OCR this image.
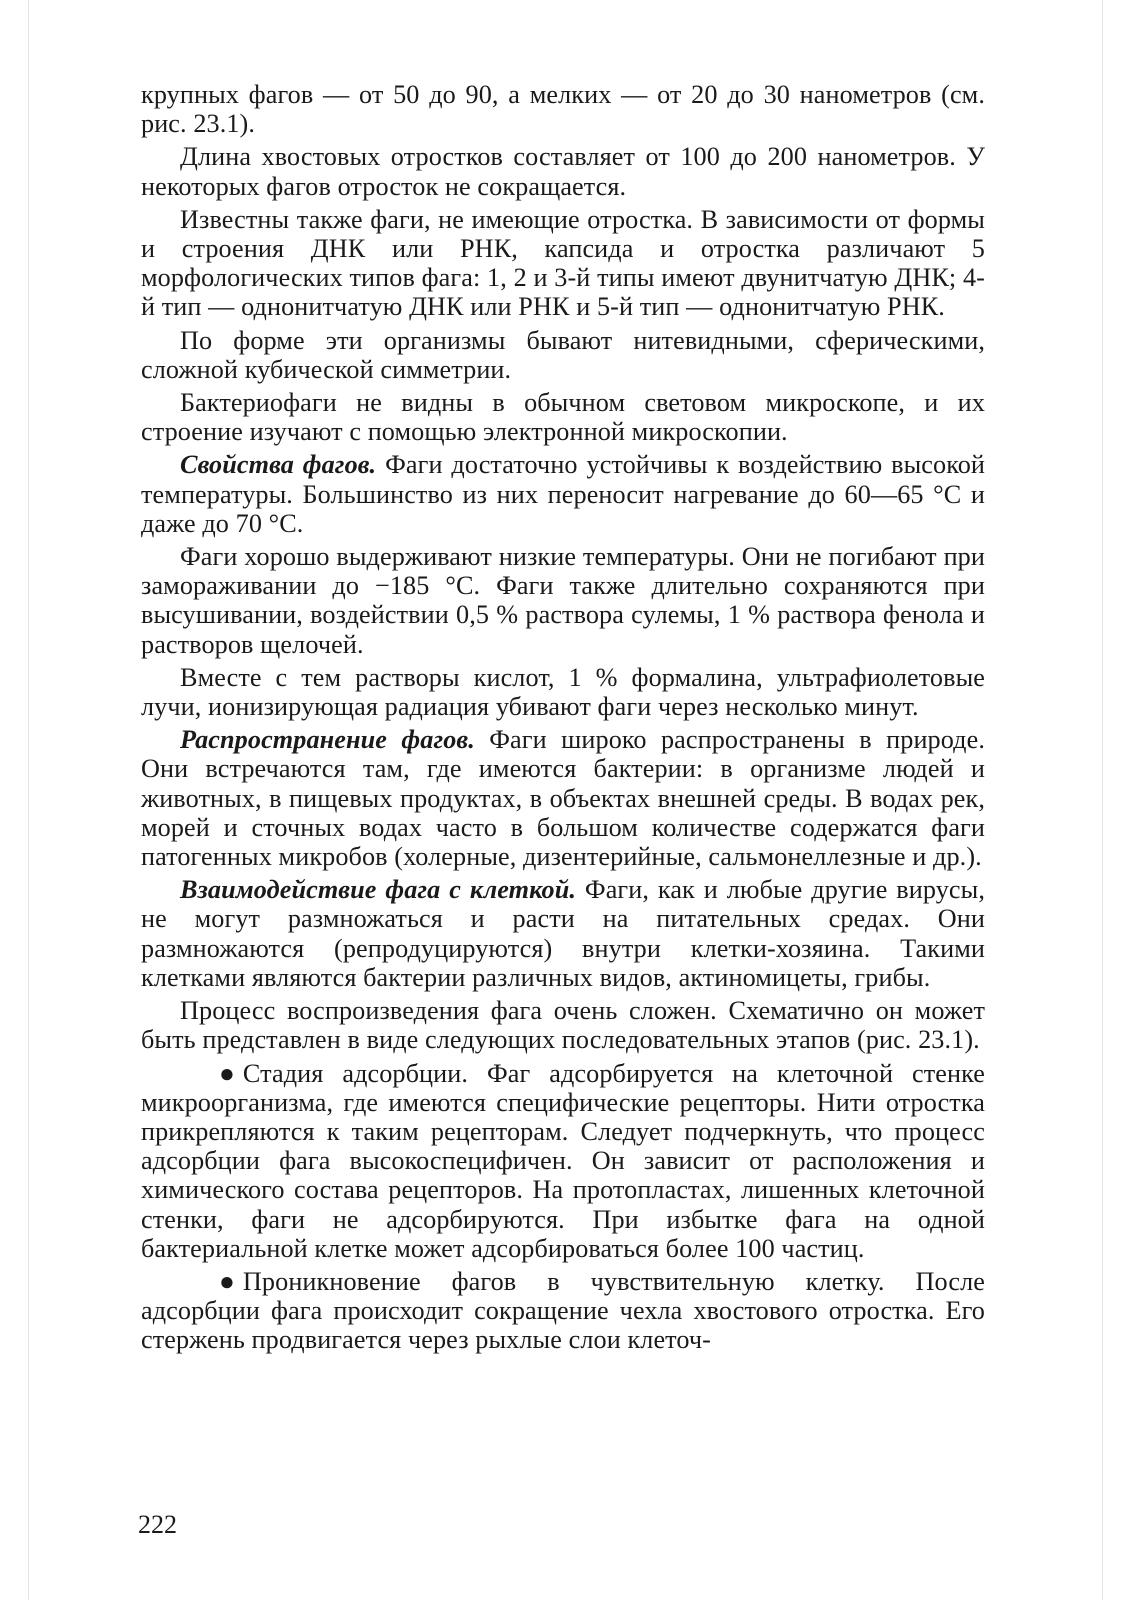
крупных фагов — от 50 до 90, а мелких — от 20 до 30 нанометров (см. рис. 23.1).

Длина хвостовых отростков составляет от 100 до 200 нанометров. У некоторых фагов отросток не сокращается.

Известны также фаги, не имеющие отростка. В зависимости от формы и строения ДНК или РНК, капсида и отростка различают 5 морфологических типов фага: 1, 2 и 3-й типы имеют двунитчатую ДНК; 4-й тип — однонитчатую ДНК или РНК и 5-й тип — однонитчатую РНК.

По форме эти организмы бывают нитевидными, сферическими, сложной кубической симметрии.

Бактериофаги не видны в обычном световом микроскопе, и их строение изучают с помощью электронной микроскопии.

Свойства фагов. Фаги достаточно устойчивы к воздействию высокой температуры. Большинство из них переносит нагревание до 60—65 °С и даже до 70 °С.

Фаги хорошо выдерживают низкие температуры. Они не погибают при замораживании до −185 °С. Фаги также длительно сохраняются при высушивании, воздействии 0,5 % раствора сулемы, 1 % раствора фенола и растворов щелочей.

Вместе с тем растворы кислот, 1 % формалина, ультрафиолетовые лучи, ионизирующая радиация убивают фаги через несколько минут.

Распространение фагов. Фаги широко распространены в природе. Они встречаются там, где имеются бактерии: в организме людей и животных, в пищевых продуктах, в объектах внешней среды. В водах рек, морей и сточных водах часто в большом количестве содержатся фаги патогенных микробов (холерные, дизентерийные, сальмонеллезные и др.).

Взаимодействие фага с клеткой. Фаги, как и любые другие вирусы, не могут размножаться и расти на питательных средах. Они размножаются (репродуцируются) внутри клетки-хозяина. Такими клетками являются бактерии различных видов, актиномицеты, грибы.

Процесс воспроизведения фага очень сложен. Схематично он может быть представлен в виде следующих последовательных этапов (рис. 23.1).

● Стадия адсорбции. Фаг адсорбируется на клеточной стенке микроорганизма, где имеются специфические рецепторы. Нити отростка прикрепляются к таким рецепторам. Следует подчеркнуть, что процесс адсорбции фага высокоспецифичен. Он зависит от расположения и химического состава рецепторов. На протопластах, лишенных клеточной стенки, фаги не адсорбируются. При избытке фага на одной бактериальной клетке может адсорбироваться более 100 частиц.

● Проникновение фагов в чувствительную клетку. После адсорбции фага происходит сокращение чехла хвостового отростка. Его стержень продвигается через рыхлые слои клеточ-

222
